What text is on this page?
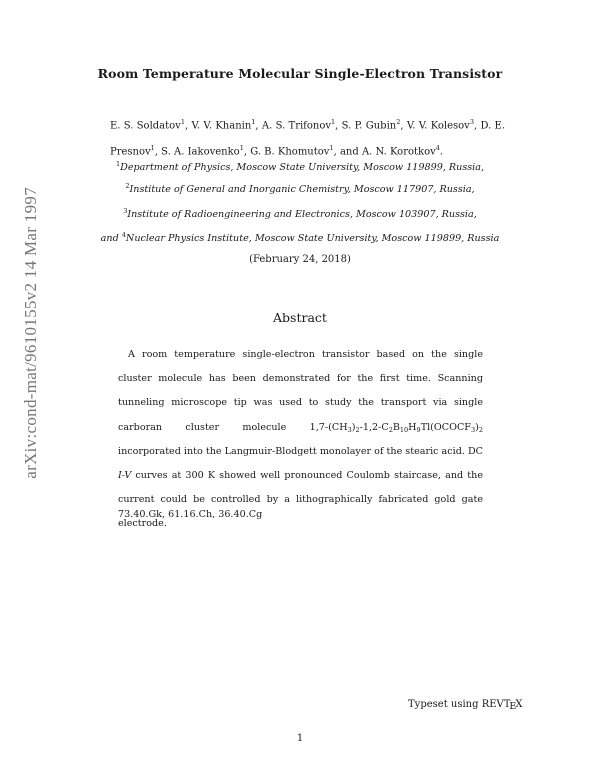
arXiv:cond-mat/9610155v2 14 Mar 1997
Room Temperature Molecular Single-Electron Transistor
E. S. Soldatov$^1$, V. V. Khanin$^1$, A. S. Trifonov$^1$, S. P. Gubin$^2$, V. V. Kolesov$^3$, D. E.
Presnov$^1$, S. A. Iakovenko$^1$, G. B. Khomutov$^1$, and A. N. Korotkov$^4$.
$^1$Department of Physics, Moscow State University, Moscow 119899, Russia,
$^2$Institute of General and Inorganic Chemistry, Moscow 117907, Russia,
$^3$Institute of Radioengineering and Electronics, Moscow 103907, Russia,
and $^4$Nuclear Physics Institute, Moscow State University, Moscow 119899, Russia
(February 24, 2018)
Abstract
A room temperature single-electron transistor based on the single cluster molecule has been demonstrated for the first time. Scanning tunneling microscope tip was used to study the transport via single carboran cluster molecule $1,7-(CH_3)_2-1,2-C_2B_{10}H_9Tl(OCOCF_3)_2$ incorporated into the Langmuir-Blodgett monolayer of the stearic acid. DC I-V curves at 300 K showed well pronounced Coulomb staircase, and the current could be controlled by a lithographically fabricated gold gate electrode.
73.40.Gk, 61.16.Ch, 36.40.Cg
Typeset using REVTEX
1
